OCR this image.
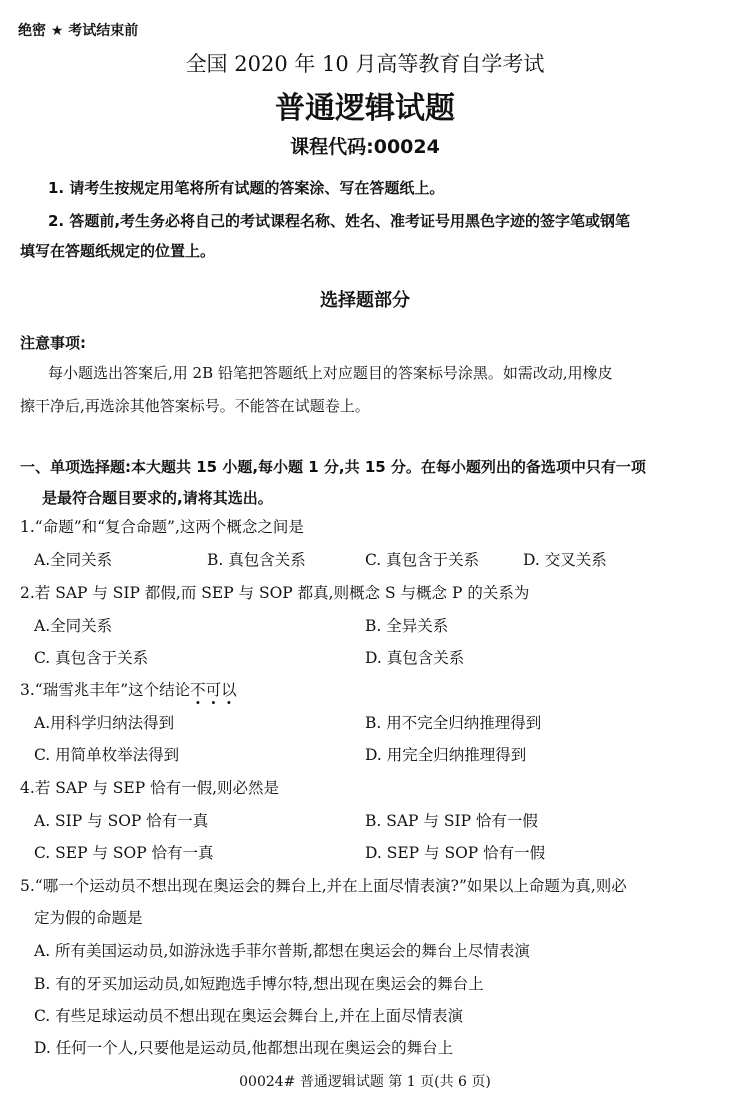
绝密 ★ 考试结束前
全国 2020 年 10 月高等教育自学考试
普通逻辑试题
课程代码:00024
1. 请考生按规定用笔将所有试题的答案涂、写在答题纸上。
2. 答题前,考生务必将自己的考试课程名称、姓名、准考证号用黑色字迹的签字笔或钢笔
填写在答题纸规定的位置上。
选择题部分
注意事项:
每小题选出答案后,用 2B 铅笔把答题纸上对应题目的答案标号涂黑。如需改动,用橡皮
擦干净后,再选涂其他答案标号。不能答在试题卷上。
一、单项选择题:本大题共 15 小题,每小题 1 分,共 15 分。在每小题列出的备选项中只有一项
是最符合题目要求的,请将其选出。
1.“命题”和“复合命题”,这两个概念之间是
A.全同关系	B. 真包含关系	C. 真包含于关系	D. 交叉关系
2.若 SAP 与 SIP 都假,而 SEP 与 SOP 都真,则概念 S 与概念 P 的关系为
A.全同关系	B. 全异关系
C. 真包含于关系	D. 真包含关系
3.“瑞雪兆丰年”这个结论不可以
A.用科学归纳法得到	B. 用不完全归纳推理得到
C. 用简单枚举法得到	D. 用完全归纳推理得到
4.若 SAP 与 SEP 恰有一假,则必然是
A. SIP 与 SOP 恰有一真	B. SAP 与 SIP 恰有一假
C. SEP 与 SOP 恰有一真	D. SEP 与 SOP 恰有一假
5.“哪一个运动员不想出现在奥运会的舞台上,并在上面尽情表演?”如果以上命题为真,则必
定为假的命题是
A. 所有美国运动员,如游泳选手菲尔普斯,都想在奥运会的舞台上尽情表演
B. 有的牙买加运动员,如短跑选手博尔特,想出现在奥运会的舞台上
C. 有些足球运动员不想出现在奥运会舞台上,并在上面尽情表演
D. 任何一个人,只要他是运动员,他都想出现在奥运会的舞台上
00024# 普通逻辑试题 第 1 页(共 6 页)
